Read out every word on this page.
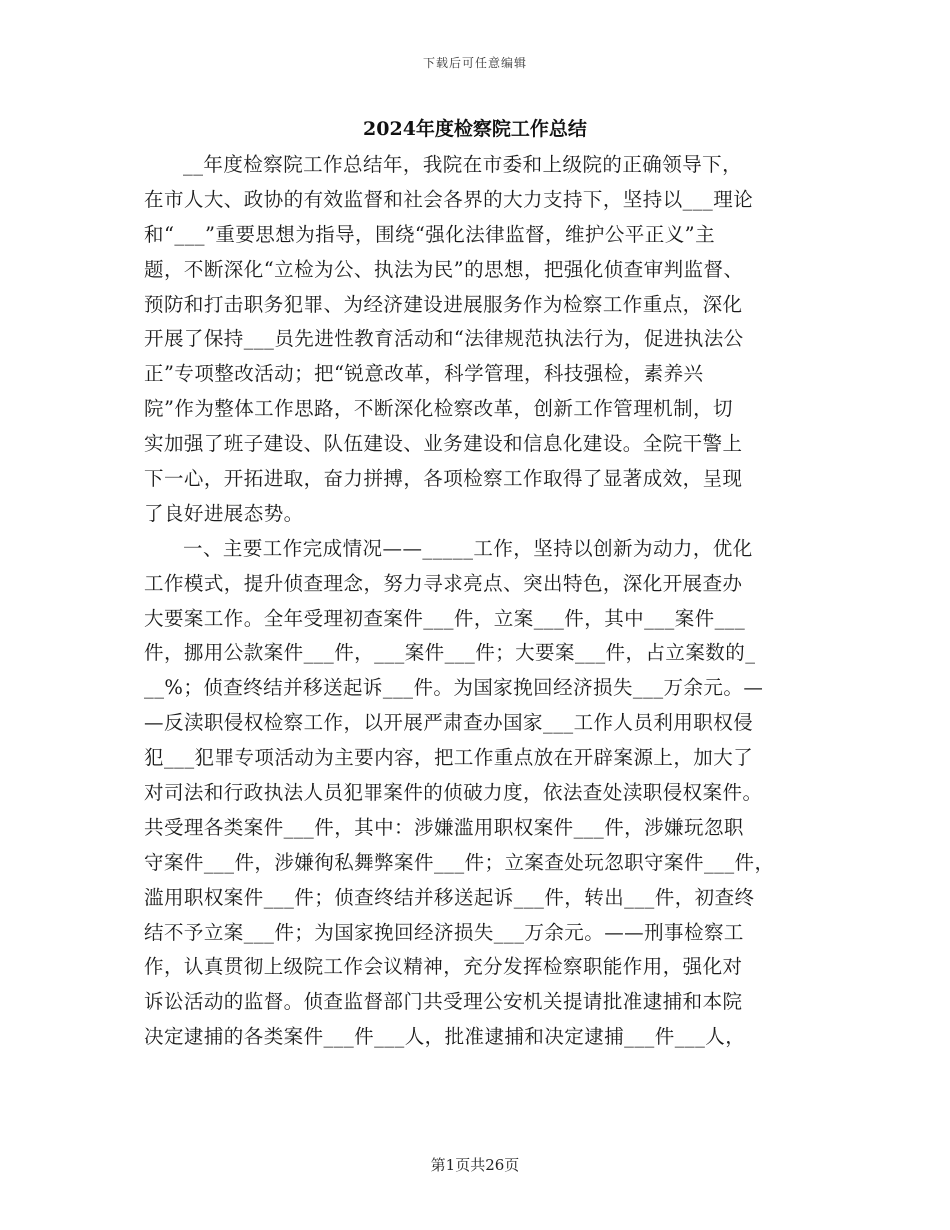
下载后可任意编辑
2024年度检察院工作总结
__年度检察院工作总结年，我院在市委和上级院的正确领导下，
在市人大、政协的有效监督和社会各界的大力支持下，坚持以___理论
和“___”重要思想为指导，围绕“强化法律监督，维护公平正义”主
题，不断深化“立检为公、执法为民”的思想，把强化侦查审判监督、
预防和打击职务犯罪、为经济建设进展服务作为检察工作重点，深化
开展了保持___员先进性教育活动和“法律规范执法行为，促进执法公
正”专项整改活动；把“锐意改革，科学管理，科技强检，素养兴
院”作为整体工作思路，不断深化检察改革，创新工作管理机制，切
实加强了班子建设、队伍建设、业务建设和信息化建设。全院干警上
下一心，开拓进取，奋力拼搏，各项检察工作取得了显著成效，呈现
了良好进展态势。
一、主要工作完成情况——_____工作，坚持以创新为动力，优化
工作模式，提升侦查理念，努力寻求亮点、突出特色，深化开展查办
大要案工作。全年受理初查案件___件，立案___件，其中___案件___
件，挪用公款案件___件，___案件___件；大要案___件，占立案数的_
__%；侦查终结并移送起诉___件。为国家挽回经济损失___万余元。—
—反渎职侵权检察工作，以开展严肃查办国家___工作人员利用职权侵
犯___犯罪专项活动为主要内容，把工作重点放在开辟案源上，加大了
对司法和行政执法人员犯罪案件的侦破力度，依法查处渎职侵权案件。
共受理各类案件___件，其中：涉嫌滥用职权案件___件，涉嫌玩忽职
守案件___件，涉嫌徇私舞弊案件___件；立案查处玩忽职守案件___件，
滥用职权案件___件；侦查终结并移送起诉___件，转出___件，初查终
结不予立案___件；为国家挽回经济损失___万余元。——刑事检察工
作，认真贯彻上级院工作会议精神，充分发挥检察职能作用，强化对
诉讼活动的监督。侦查监督部门共受理公安机关提请批准逮捕和本院
决定逮捕的各类案件___件___人，批准逮捕和决定逮捕___件___人，
第1页共26页
